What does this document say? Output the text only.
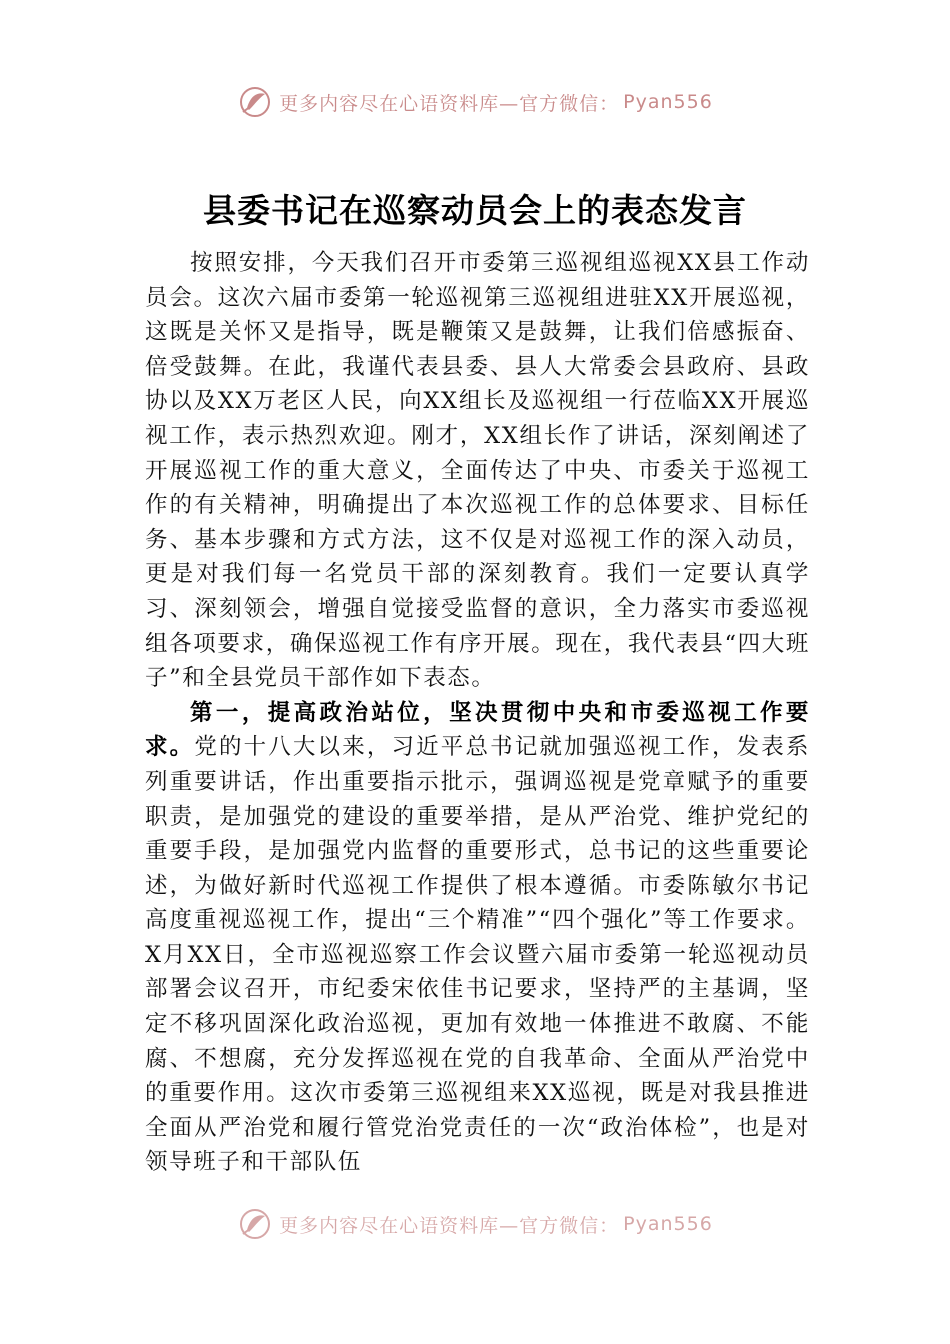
更多内容尽在心语资料库—官方微信： Pyan556
县委书记在巡察动员会上的表态发言

按照安排，今天我们召开市委第三巡视组巡视XX县工作动员会。这次六届市委第一轮巡视第三巡视组进驻XX开展巡视，这既是关怀又是指导，既是鞭策又是鼓舞，让我们倍感振奋、倍受鼓舞。在此，我谨代表县委、县人大常委会县政府、县政协以及XX万老区人民，向XX组长及巡视组一行莅临XX开展巡视工作，表示热烈欢迎。刚才，XX组长作了讲话，深刻阐述了开展巡视工作的重大意义，全面传达了中央、市委关于巡视工作的有关精神，明确提出了本次巡视工作的总体要求、目标任务、基本步骤和方式方法，这不仅是对巡视工作的深入动员，更是对我们每一名党员干部的深刻教育。我们一定要认真学习、深刻领会，增强自觉接受监督的意识，全力落实市委巡视组各项要求，确保巡视工作有序开展。现在，我代表县“四大班子”和全县党员干部作如下表态。

第一，提高政治站位，坚决贯彻中央和市委巡视工作要求。党的十八大以来，习近平总书记就加强巡视工作，发表系列重要讲话，作出重要指示批示，强调巡视是党章赋予的重要职责，是加强党的建设的重要举措，是从严治党、维护党纪的重要手段，是加强党内监督的重要形式，总书记的这些重要论述，为做好新时代巡视工作提供了根本遵循。市委陈敏尔书记高度重视巡视工作，提出“三个精准”“四个强化”等工作要求。X月XX日，全市巡视巡察工作会议暨六届市委第一轮巡视动员部署会议召开，市纪委宋依佳书记要求，坚持严的主基调，坚定不移巩固深化政治巡视，更加有效地一体推进不敢腐、不能腐、不想腐，充分发挥巡视在党的自我革命、全面从严治党中的重要作用。这次市委第三巡视组来XX巡视，既是对我县推进全面从严治党和履行管党治党责任的一次“政治体检”，也是对领导班子和干部队伍

更多内容尽在心语资料库—官方微信： Pyan556
